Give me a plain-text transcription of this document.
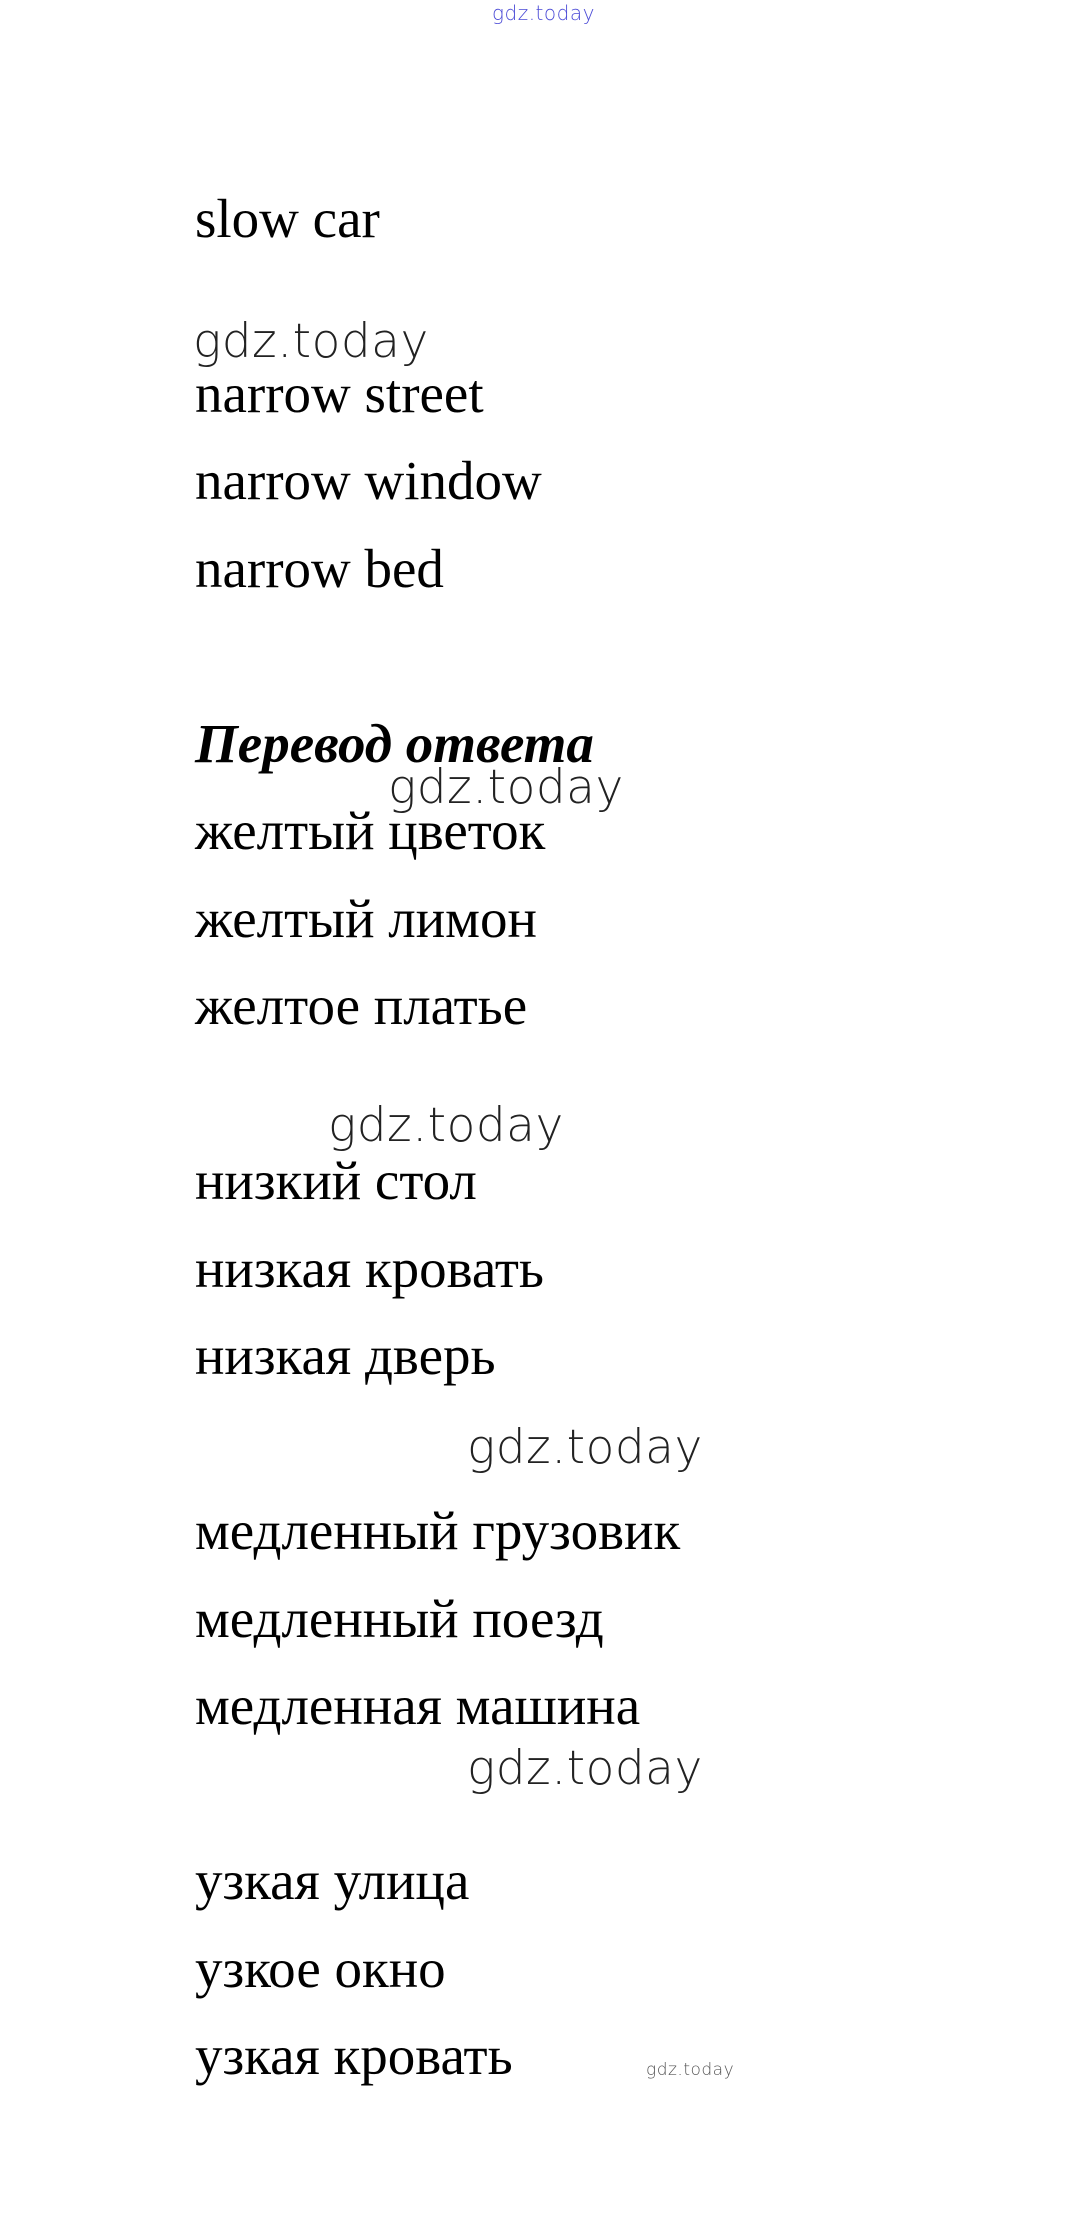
gdz.today
slow car
gdz.today
narrow street
narrow window
narrow bed
Перевод ответа
gdz.today
желтый цветок
желтый лимон
желтое платье
gdz.today
низкий стол
низкая кровать
низкая дверь
gdz.today
медленный грузовик
медленный поезд
медленная машина
gdz.today
узкая улица
узкое окно
узкая кровать	gdz.today
